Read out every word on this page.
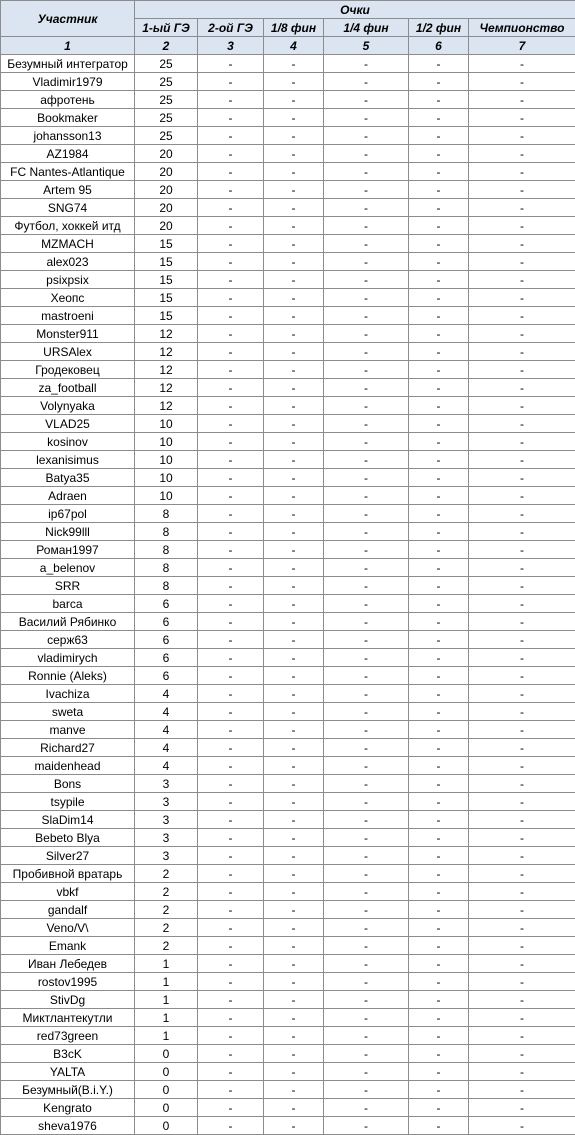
Участник	Очки					
	1-ый ГЭ	2-ой ГЭ	1/8 фин	1/4 фин	1/2 фин	Чемпионство
1	2	3	4	5	6	7
Безумный интегратор	25	-	-	-	-	-
Vladimir1979	25	-	-	-	-	-
афротень	25	-	-	-	-	-
Bookmaker	25	-	-	-	-	-
johansson13	25	-	-	-	-	-
AZ1984	20	-	-	-	-	-
FC Nantes-Atlantique	20	-	-	-	-	-
Artem 95	20	-	-	-	-	-
SNG74	20	-	-	-	-	-
Футбол, хоккей итд	20	-	-	-	-	-
MZMACH	15	-	-	-	-	-
alex023	15	-	-	-	-	-
psixpsix	15	-	-	-	-	-
Хеопс	15	-	-	-	-	-
mastroeni	15	-	-	-	-	-
Monster911	12	-	-	-	-	-
URSAlex	12	-	-	-	-	-
Гродековец	12	-	-	-	-	-
za_football	12	-	-	-	-	-
Volynyaka	12	-	-	-	-	-
VLAD25	10	-	-	-	-	-
kosinov	10	-	-	-	-	-
lexanisimus	10	-	-	-	-	-
Batya35	10	-	-	-	-	-
Adraen	10	-	-	-	-	-
ip67pol	8	-	-	-	-	-
Nick99lll	8	-	-	-	-	-
Роман1997	8	-	-	-	-	-
a_belenov	8	-	-	-	-	-
SRR	8	-	-	-	-	-
barca	6	-	-	-	-	-
Василий Рябинко	6	-	-	-	-	-
серж63	6	-	-	-	-	-
vladimirych	6	-	-	-	-	-
Ronnie (Aleks)	6	-	-	-	-	-
Ivachiza	4	-	-	-	-	-
sweta	4	-	-	-	-	-
manve	4	-	-	-	-	-
Richard27	4	-	-	-	-	-
maidenhead	4	-	-	-	-	-
Bons	3	-	-	-	-	-
tsypile	3	-	-	-	-	-
SlaDim14	3	-	-	-	-	-
Bebeto Blya	3	-	-	-	-	-
Silver27	3	-	-	-	-	-
Пробивной вратарь	2	-	-	-	-	-
vbkf	2	-	-	-	-	-
gandalf	2	-	-	-	-	-
Veno/V\	2	-	-	-	-	-
Emank	2	-	-	-	-	-
Иван Лебедев	1	-	-	-	-	-
rostov1995	1	-	-	-	-	-
StivDg	1	-	-	-	-	-
Миктлантекутли	1	-	-	-	-	-
red73green	1	-	-	-	-	-
B3cK	0	-	-	-	-	-
YALTA	0	-	-	-	-	-
Безумный(B.i.Y.)	0	-	-	-	-	-
Kengrato	0	-	-	-	-	-
sheva1976	0	-	-	-	-	-
